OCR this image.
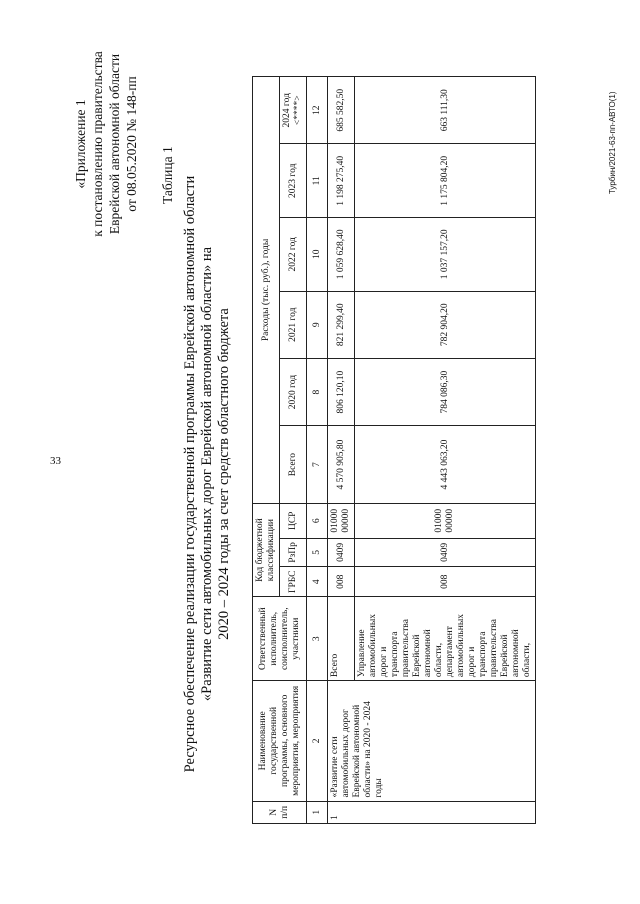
33
«Приложение 1 к постановлению правительства Еврейской автономной области от 08.05.2020 № 148-пп Таблица 1
Ресурсное обеспечение реализации государственной программы Еврейской автономной области «Развитие сети автомобильных дорог Еврейской автономной области» на 2020 – 2024 годы за счет средств областного бюджета
N п/п	Наименование государственной программы, основного мероприятия, мероприятия	Ответственный исполнитель, соисполнитель, участники	Код бюджетной классификации			Расходы (тыс. руб.), годы					
			ГРБС	РзПр	ЦСР	Всего	2020 год	2021 год	2022 год	2023 год	2024 год <****>
1	2	3	4	5	6	7	8	9	10	11	12
1	«Развитие сети автомобильных дорог Еврейской автономной области» на 2020 - 2024 годы	Всего	008	0409	01000 00000	4 570 905,80	806 120,10	821 299,40	1 059 628,40	1 198 275,40	685 582,50
		Управление автомобильных дорог и транспорта правительства Еврейской автономной области, департамент автомобильных дорог и транспорта правительства Еврейской автономной области,	008	0409	01000 00000	4 443 063,20	784 086,30	782 904,20	1 037 157,20	1 175 804,20	663 111,30	Турбин/2021-63-пп-АВТО(1)
